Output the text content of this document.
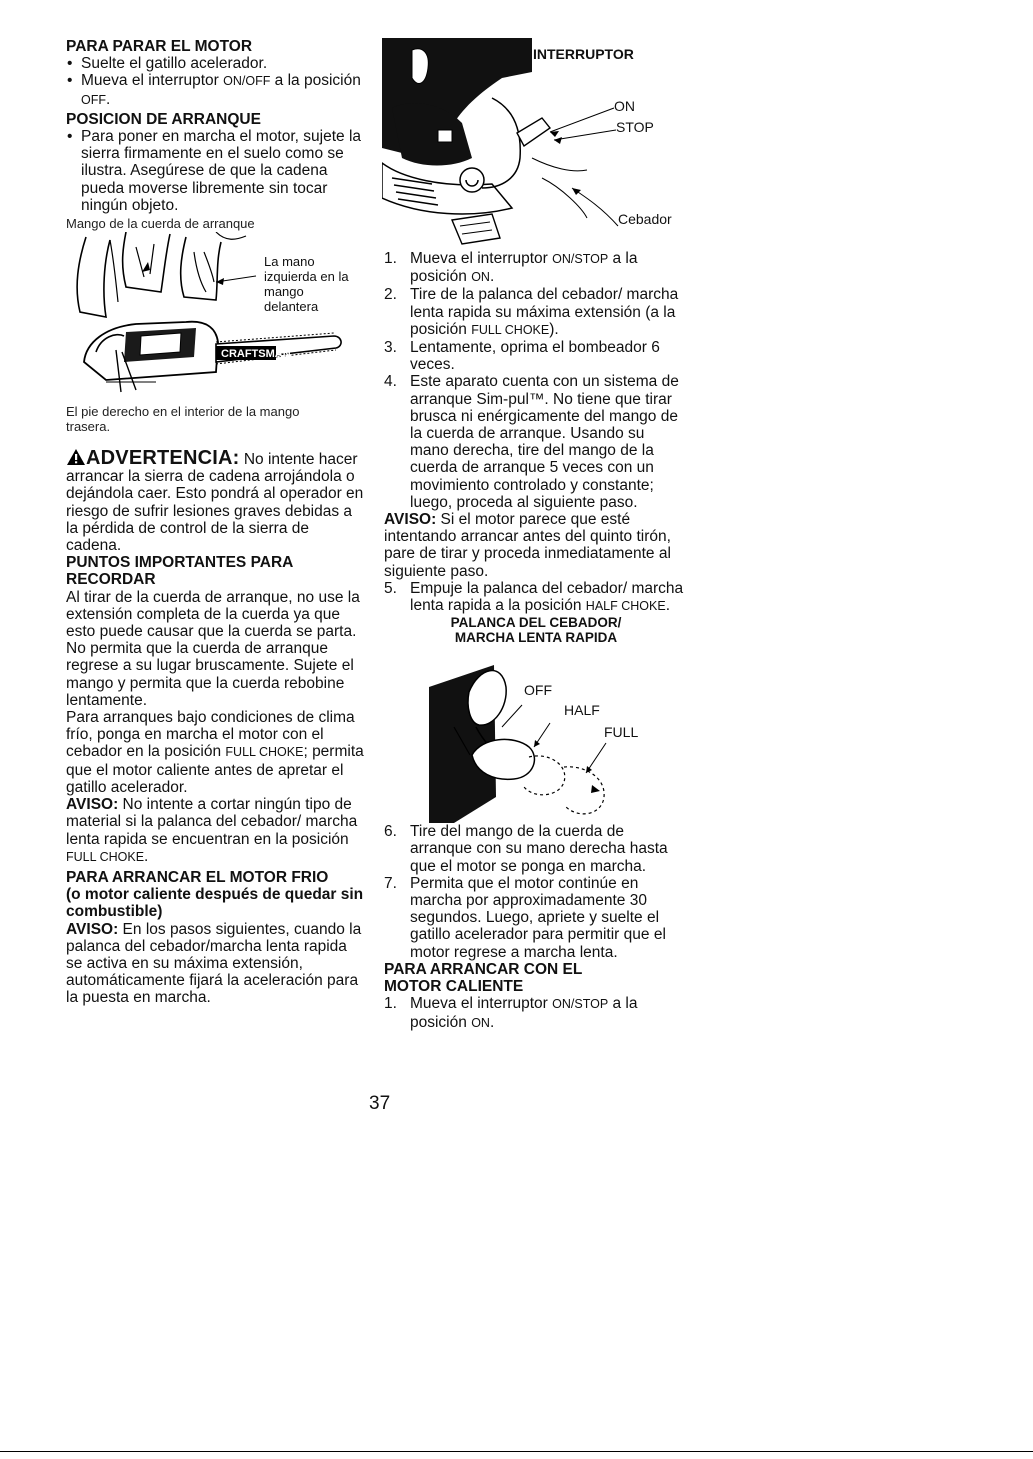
PARA PARAR EL MOTOR

• Suelte el gatillo acelerador.

• Mueva el interruptor ON/OFF a la posición OFF.

POSICION DE ARRANQUE

• Para poner en marcha el motor, sujete la sierra firmamente en el suelo como se ilustra. Asegúrese de que la cadena pueda moverse libremente sin tocar ningún objeto.

Mango de la cuerda de arranque
CRAFTSMAN
La mano izquierda en la mango delantera

El pie derecho en el interior de la mango trasera.

ADVERTENCIA: No intente hacer arrancar la sierra de cadena arrojándola o dejándola caer. Esto pondrá al operador en riesgo de sufrir lesiones graves debidas a la pérdida de control de la sierra de cadena.

PUNTOS IMPORTANTES PARA RECORDAR

Al tirar de la cuerda de arranque, no use la extensión completa de la cuerda ya que esto puede causar que la cuerda se parta. No permita que la cuerda de arranque regrese a su lugar bruscamente. Sujete el mango y permita que la cuerda rebobine lentamente.

Para arranques bajo condiciones de clima frío, ponga en marcha el motor con el cebador en la posición FULL CHOKE; permita que el motor caliente antes de apretar el gatillo acelerador.

AVISO: No intente a cortar ningún tipo de material si la palanca del cebador/ marcha lenta rapida se encuentran en la posición FULL CHOKE.

PARA ARRANCAR EL MOTOR FRIO

(o motor caliente después de quedar sin combustible)

AVISO: En los pasos siguientes, cuando la palanca del cebador/marcha lenta rapida se activa en su máxima extensión, automáticamente fijará la aceleración para la puesta en marcha.

INTERRUPTOR
ON
STOP
Cebador

1. Mueva el interruptor ON/STOP a la posición ON.

2. Tire de la palanca del cebador/ marcha lenta rapida su máxima extensión (a la posición FULL CHOKE).

3. Lentamente, oprima el bombeador 6 veces.

4. Este aparato cuenta con un sistema de arranque Sim-pul™. No tiene que tirar brusca ni enérgicamente del mango de la cuerda de arranque. Usando su mano derecha, tire del mango de la cuerda de arranque 5 veces con un movimiento controlado y constante; luego, proceda al siguiente paso.

AVISO: Si el motor parece que esté intentando arrancar antes del quinto tirón, pare de tirar y proceda inmediatamente al siguiente paso.

5. Empuje la palanca del cebador/ marcha lenta rapida a la posición HALF CHOKE.

PALANCA DEL CEBADOR/
MARCHA LENTA RAPIDA
OFF
HALF
FULL

6. Tire del mango de la cuerda de arranque con su mano derecha hasta que el motor se ponga en marcha.

7. Permita que el motor continúe en marcha por approximadamente 30 segundos. Luego, apriete y suelte el gatillo acelerador para permitir que el motor regrese a marcha lenta.

PARA ARRANCAR CON EL

MOTOR CALIENTE

1. Mueva el interruptor ON/STOP a la posición ON.

37
